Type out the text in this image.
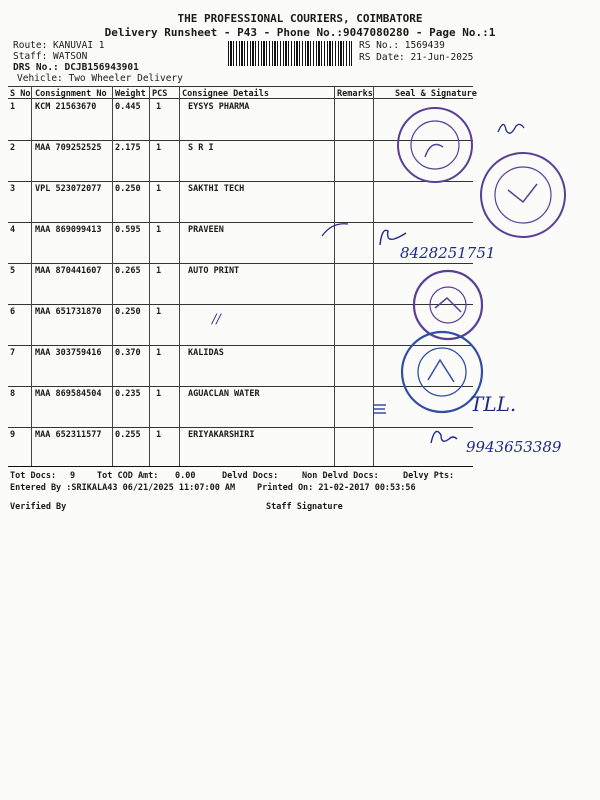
THE PROFESSIONAL COURIERS, COIMBATORE
Delivery Runsheet - P43 - Phone No.:9047080280 - Page No.:1
Route: KANUVAI 1
Staff: WATSON
DRS No.: DCJB156943901
Vehicle: Two Wheeler Delivery
RS No.: 1569439
RS Date: 21-Jun-2025
S No Consignment No Weight PCS Consignee Details	Remarks	Seal & Signature
1 KCM 21563670 0.445 1	EYSYS PHARMA
2 MAA 709252525 2.175 1	S R I
3 VPL 523072077 0.250 1	SAKTHI TECH
4 MAA 869099413 0.595 1	PRAVEEN
5 MAA 870441607 0.265 1	AUTO PRINT
6 MAA 651731870 0.250 1
7 MAA 303759416 0.370 1	KALIDAS
8 MAA 869584504 0.235 1	AGUACLAN WATER
9 MAA 652311577 0.255 1	ERIYAKARSHIRI
8428251751
//
TLL.
9943653389
Tot Docs: 9	Tot COD Amt: 0.00	Delvd Docs:	Non Delvd Docs:	Delvy Pts:
Entered By :SRIKALA43 06/21/2025 11:07:00 AM	Printed On: 21-02-2017 00:53:56
Verified By	Staff Signature
